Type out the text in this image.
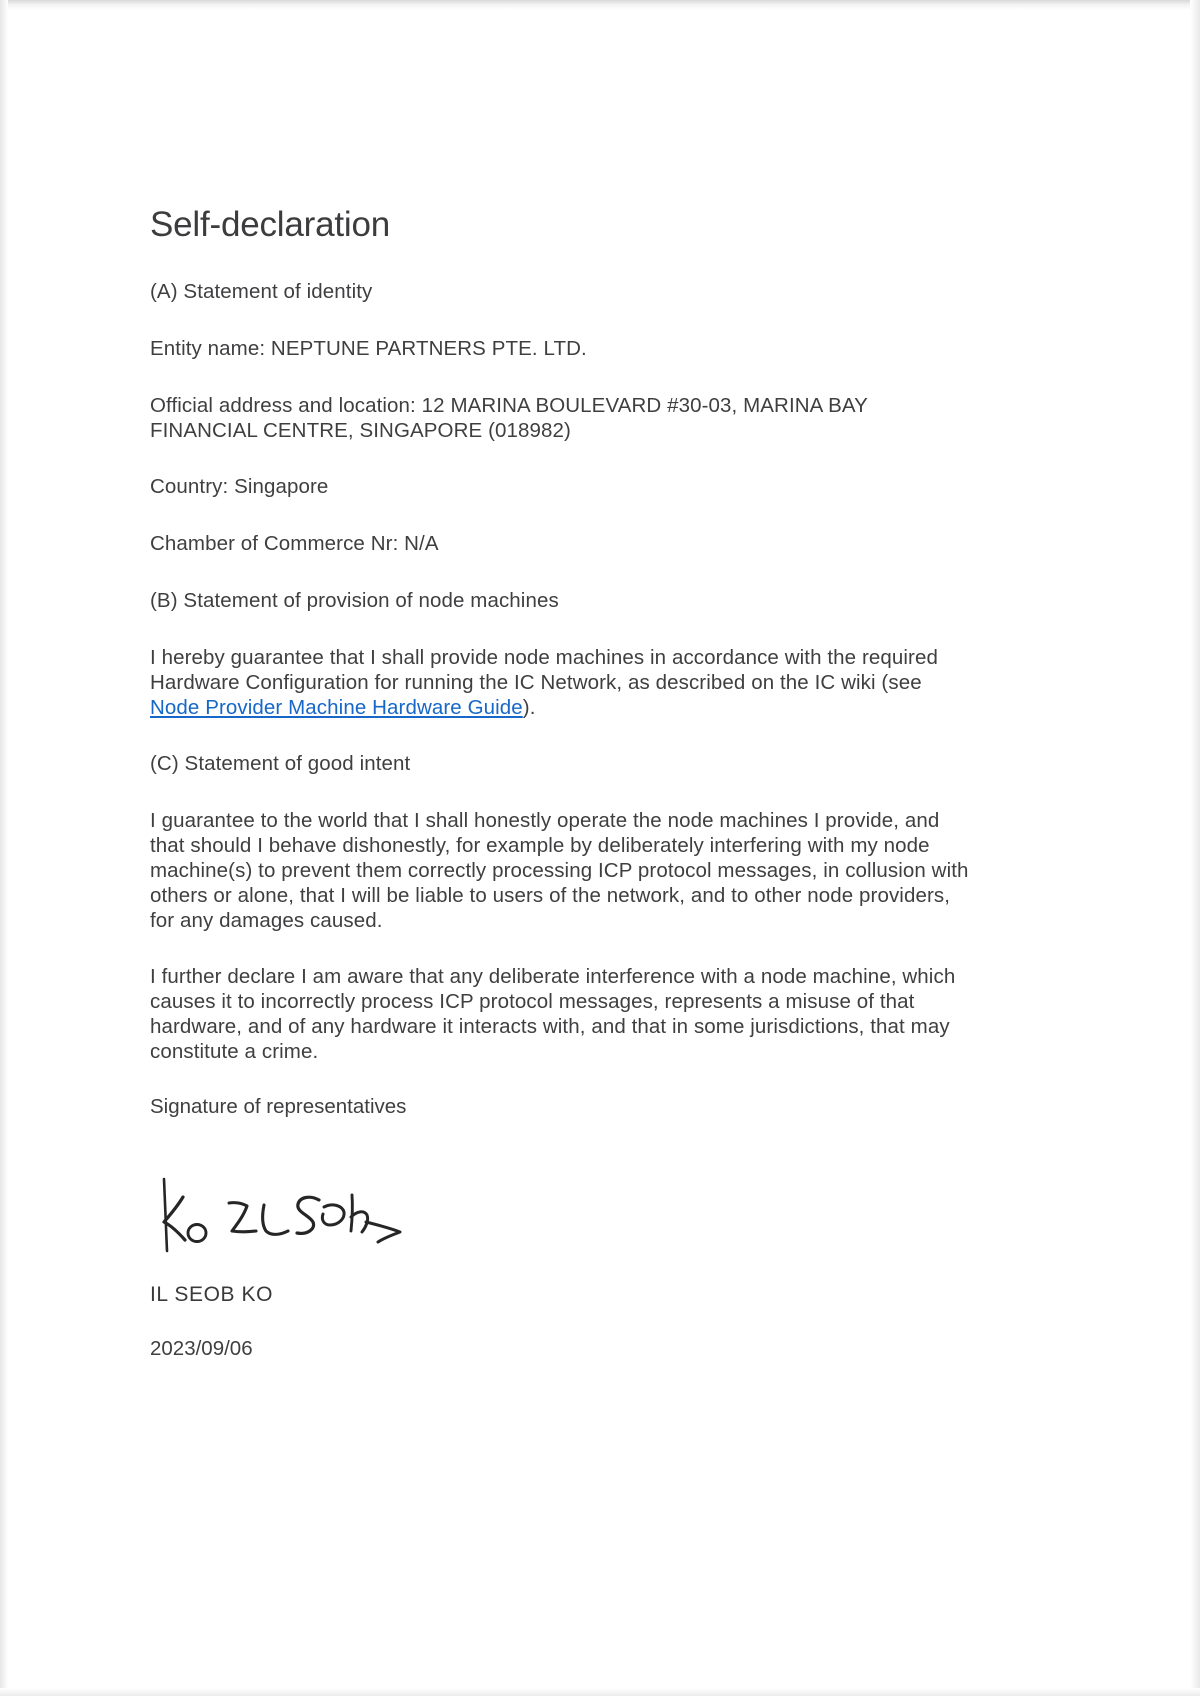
Self-declaration

(A) Statement of identity

Entity name: NEPTUNE PARTNERS PTE. LTD.

Official address and location: 12 MARINA BOULEVARD #30-03, MARINA BAY
FINANCIAL CENTRE, SINGAPORE (018982)

Country: Singapore

Chamber of Commerce Nr: N/A

(B) Statement of provision of node machines

I hereby guarantee that I shall provide node machines in accordance with the required Hardware Configuration for running the IC Network, as described on the IC wiki (see Node Provider Machine Hardware Guide).

(C) Statement of good intent

I guarantee to the world that I shall honestly operate the node machines I provide, and that should I behave dishonestly, for example by deliberately interfering with my node machine(s) to prevent them correctly processing ICP protocol messages, in collusion with others or alone, that I will be liable to users of the network, and to other node providers, for any damages caused.

I further declare I am aware that any deliberate interference with a node machine, which causes it to incorrectly process ICP protocol messages, represents a misuse of that hardware, and of any hardware it interacts with, and that in some jurisdictions, that may constitute a crime.

Signature of representatives

IL SEOB KO

2023/09/06
